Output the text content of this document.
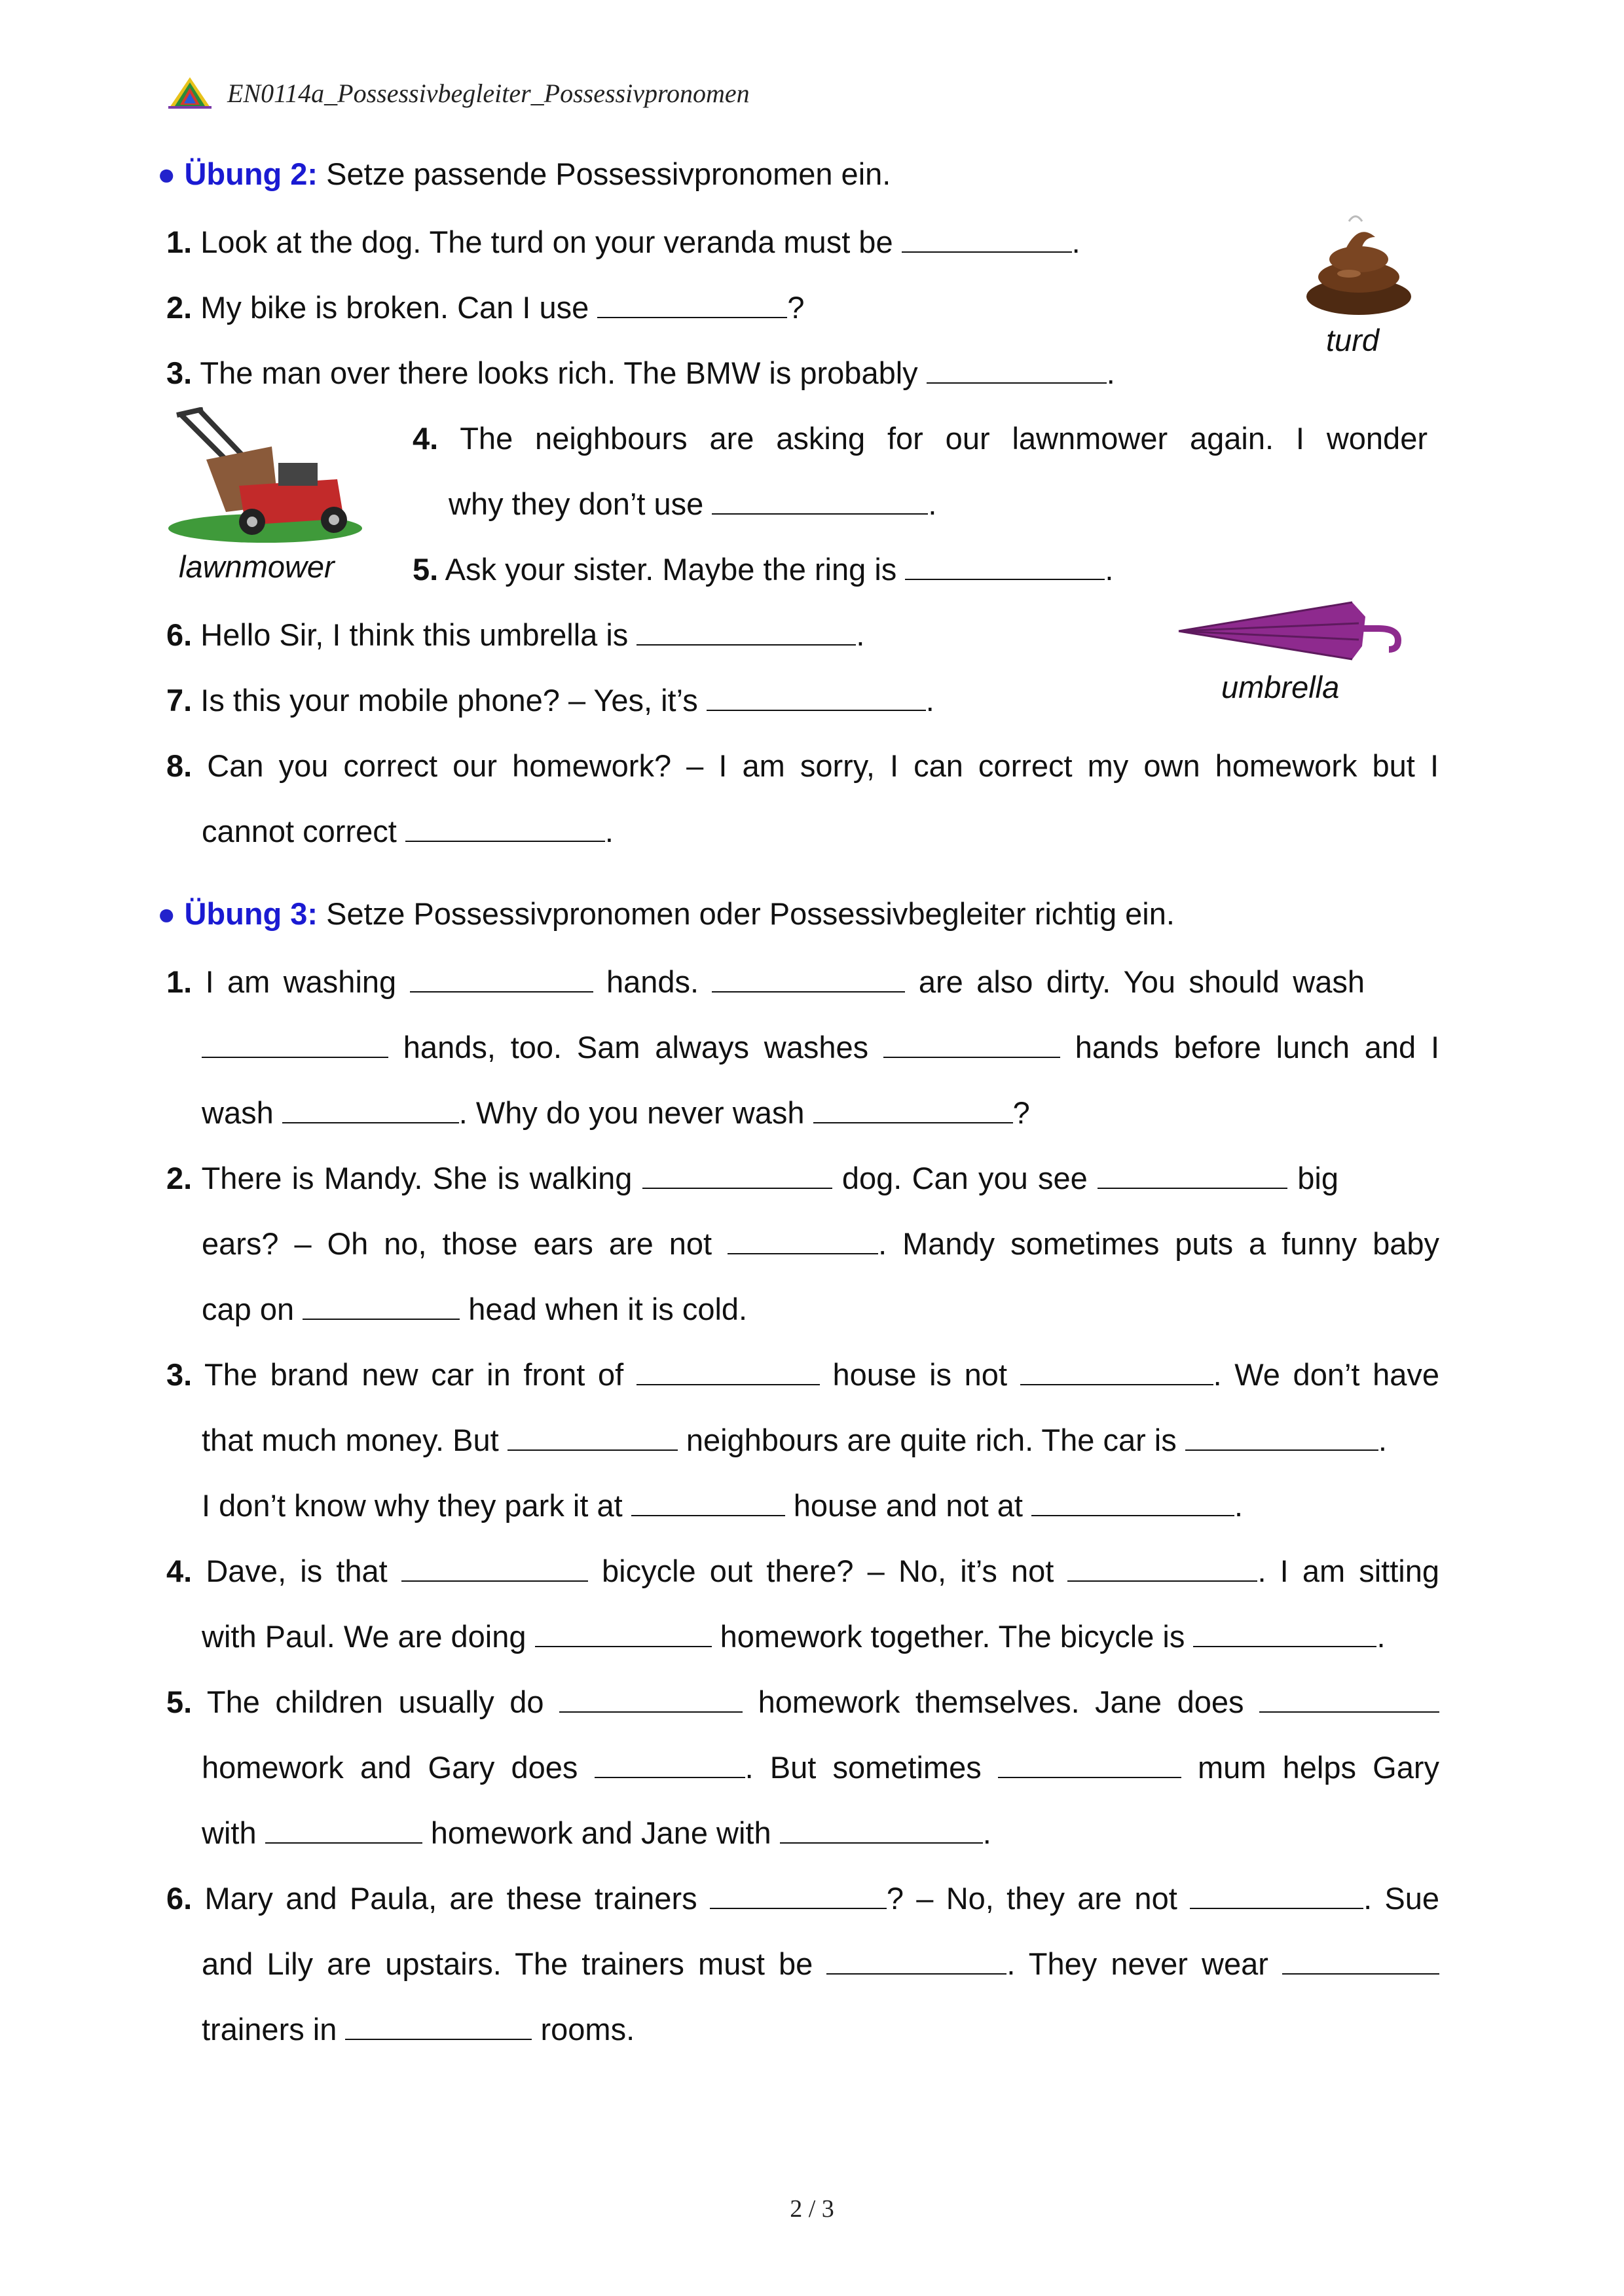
EN0114a_Possessivbegleiter_Possessivpronomen
● Übung 2: Setze passende Possessivpronomen ein.
1. Look at the dog. The turd on your veranda must be	.
2. My bike is broken. Can I use	?
3. The man over there looks rich. The BMW is probably	.
turd
lawnmower
4. The neighbours are asking for our lawnmower again. I wonder
why they don’t use	.
5. Ask your sister. Maybe the ring is	.
6. Hello Sir, I think this umbrella is	.
umbrella
7. Is this your mobile phone? – Yes, it’s	.
8. Can you correct our homework? – I am sorry, I can correct my own homework but I
cannot correct	.
● Übung 3: Setze Possessivpronomen oder Possessivbegleiter richtig ein.
1. I am washing	hands.	are also dirty. You should wash
hands, too. Sam always washes	hands before lunch and I
wash	. Why do you never wash	?
2. There is Mandy. She is walking	dog. Can you see	big
ears? – Oh no, those ears are not	. Mandy sometimes puts a funny baby
cap on	head when it is cold.
3. The brand new car in front of	house is not	. We don’t have
that much money. But	neighbours are quite rich. The car is	.
I don’t know why they park it at	house and not at	.
4. Dave, is that	bicycle out there? – No, it’s not	. I am sitting
with Paul. We are doing	homework together. The bicycle is	.
5. The children usually do	homework themselves. Jane does
homework and Gary does	. But sometimes	mum helps Gary
with	homework and Jane with	.
6. Mary and Paula, are these trainers	? – No, they are not	. Sue
and Lily are upstairs. The trainers must be	. They never wear
trainers in	rooms.
2 / 3
